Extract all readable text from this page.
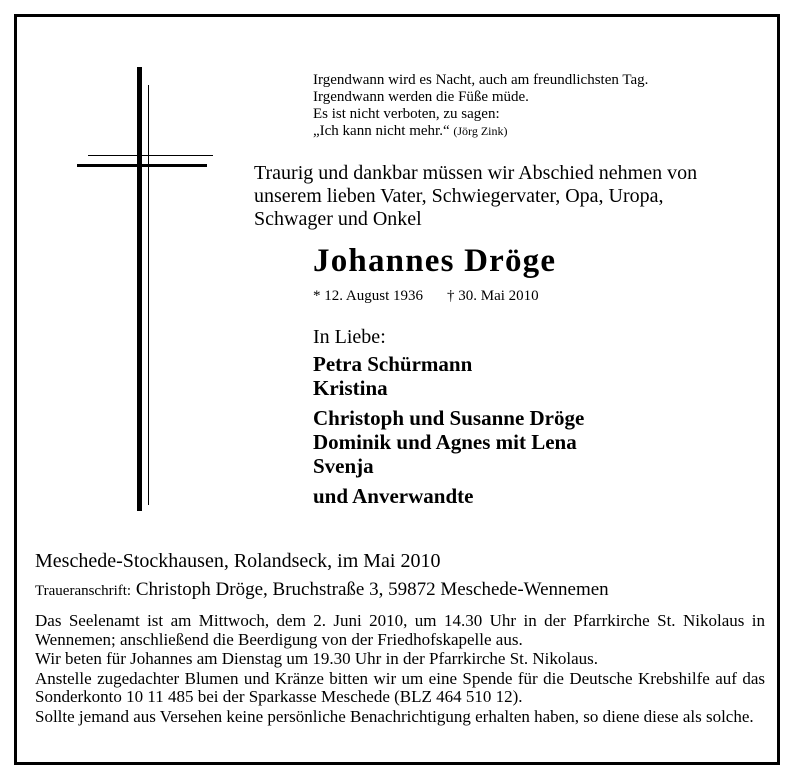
Irgendwann wird es Nacht, auch am freundlichsten Tag.
Irgendwann werden die Füße müde.
Es ist nicht verboten, zu sagen:
„Ich kann nicht mehr.“ (Jörg Zink)
Traurig und dankbar müssen wir Abschied nehmen von
unserem lieben Vater, Schwiegervater, Opa, Uropa,
Schwager und Onkel
Johannes Dröge
* 12. August 1936 † 30. Mai 2010
In Liebe:
Petra Schürmann
Kristina
Christoph und Susanne Dröge
Dominik und Agnes mit Lena
Svenja
und Anverwandte
Meschede-Stockhausen, Rolandseck, im Mai 2010
Traueranschrift: Christoph Dröge, Bruchstraße 3, 59872 Meschede-Wennemen

Das Seelenamt ist am Mittwoch, dem 2. Juni 2010, um 14.30 Uhr in der Pfarrkirche St. Nikolaus in Wennemen; anschließend die Beerdigung von der Friedhofskapelle aus.

Wir beten für Johannes am Dienstag um 19.30 Uhr in der Pfarrkirche St. Nikolaus.

Anstelle zugedachter Blumen und Kränze bitten wir um eine Spende für die Deutsche Krebshilfe auf das Sonderkonto 10 11 485 bei der Sparkasse Meschede (BLZ 464 510 12).

Sollte jemand aus Versehen keine persönliche Benachrichtigung erhalten haben, so diene diese als solche.
